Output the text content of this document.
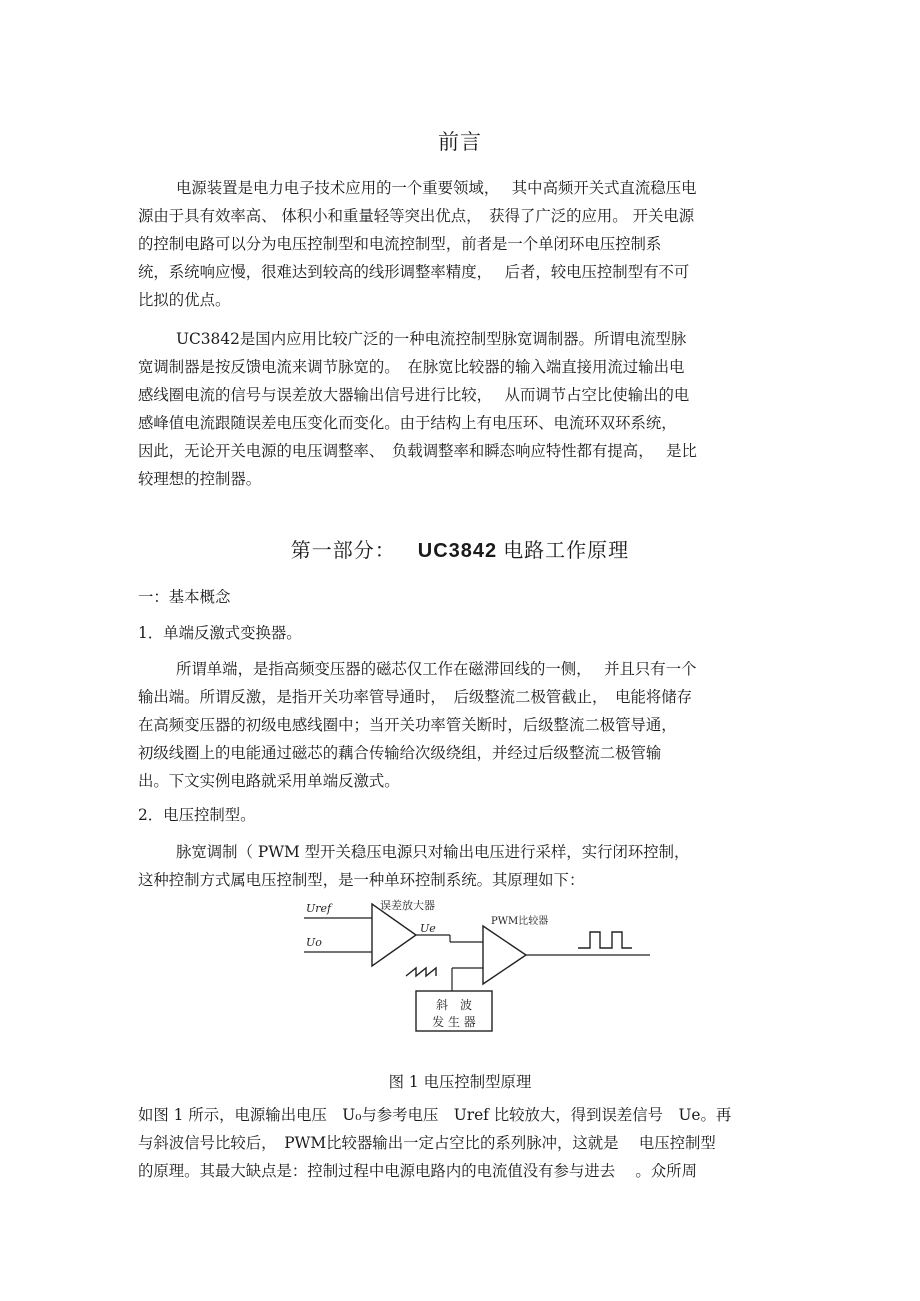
前言
电源装置是电力电子技术应用的一个重要领域，　 其中高频开关式直流稳压电
源由于具有效率高、 体积小和重量轻等突出优点，　获得了广泛的应用。 开关电源
的控制电路可以分为电压控制型和电流控制型，前者是一个单闭环电压控制系
统，系统响应慢，很难达到较高的线形调整率精度，　 后者，较电压控制型有不可
比拟的优点。
UC3842是国内应用比较广泛的一种电流控制型脉宽调制器。所谓电流型脉
宽调制器是按反馈电流来调节脉宽的。　在脉宽比较器的输入端直接用流过输出电
感线圈电流的信号与误差放大器输出信号进行比较，　 从而调节占空比使输出的电
感峰值电流跟随误差电压变化而变化。由于结构上有电压环、电流环双环系统，
因此，无论开关电源的电压调整率、　负载调整率和瞬态响应特性都有提高，　 是比
较理想的控制器。
第一部分： UC3842 电路工作原理
一：基本概念
1．单端反激式变换器。
所谓单端，是指高频变压器的磁芯仅工作在磁滞回线的一侧，　 并且只有一个
输出端。所谓反激，是指开关功率管导通时，　后级整流二极管截止，　电能将储存
在高频变压器的初级电感线圈中；当开关功率管关断时，后级整流二极管导通，
初级线圈上的电能通过磁芯的藕合传输给次级绕组，并经过后级整流二极管输
出。下文实例电路就采用单端反激式。
2．电压控制型。
脉宽调制（ PWM 型开关稳压电源只对输出电压进行采样，实行闭环控制，
这种控制方式属电压控制型，是一种单环控制系统。其原理如下：
Uref
Uo
误差放大器
Ue
PWM比较器
斜　波
发 生 器
图 1 电压控制型原理
如图 1 所示，电源输出电压　U₀与参考电压　Uref 比较放大，得到误差信号　Ue。再
与斜波信号比较后，　PWM比较器输出一定占空比的系列脉冲，这就是　 电压控制型
的原理。其最大缺点是：控制过程中电源电路内的电流值没有参与进去　 。众所周
